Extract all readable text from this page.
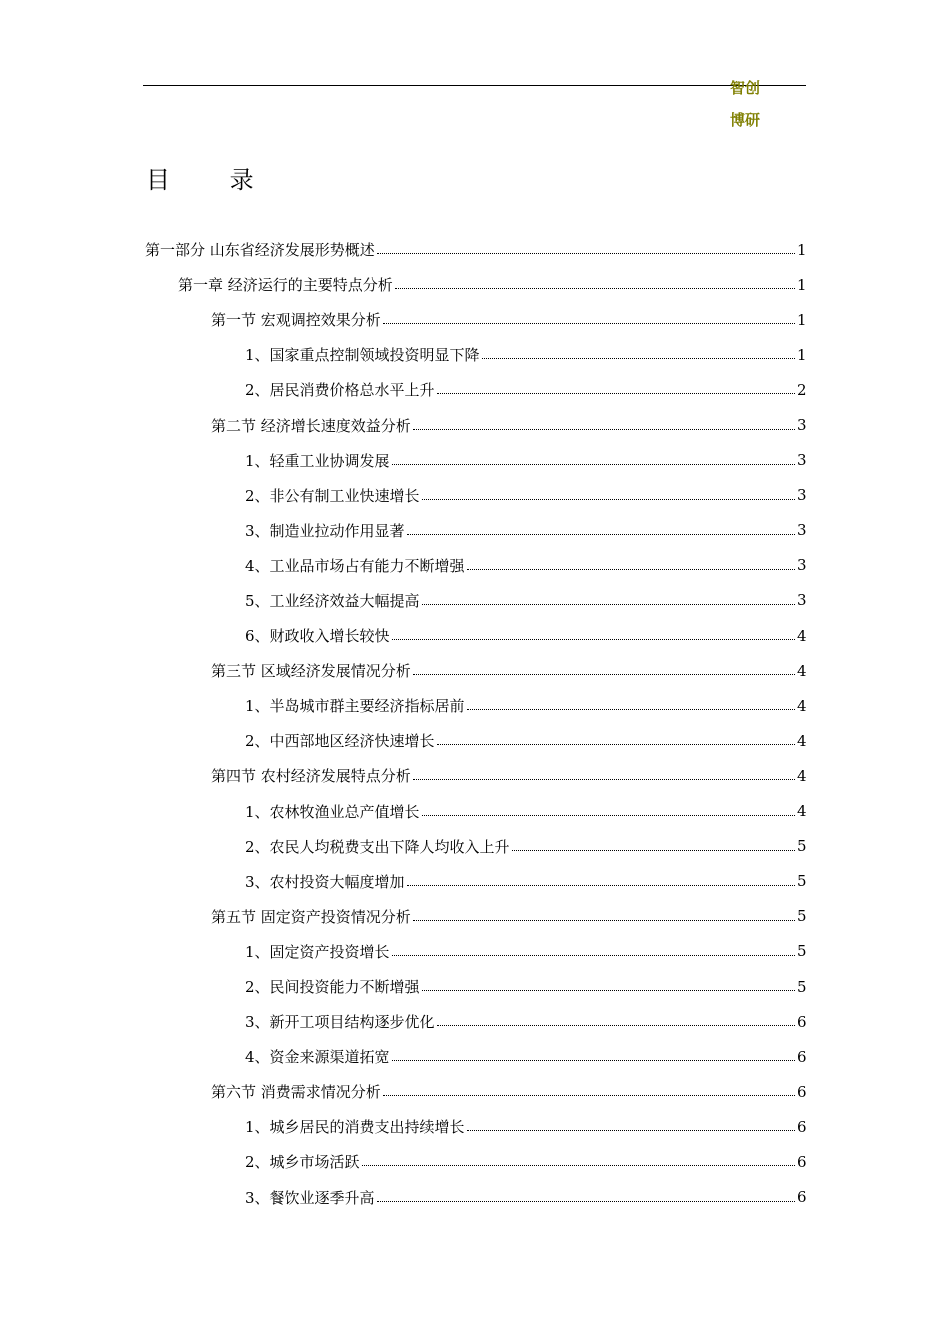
智创
博研
目 录
第一部分 山东省经济发展形势概述	1
第一章 经济运行的主要特点分析	1
第一节 宏观调控效果分析	1
1、国家重点控制领域投资明显下降	1
2、居民消费价格总水平上升	2
第二节 经济增长速度效益分析	3
1、轻重工业协调发展	3
2、非公有制工业快速增长	3
3、制造业拉动作用显著	3
4、工业品市场占有能力不断增强	3
5、工业经济效益大幅提高	3
6、财政收入增长较快	4
第三节 区域经济发展情况分析	4
1、半岛城市群主要经济指标居前	4
2、中西部地区经济快速增长	4
第四节 农村经济发展特点分析	4
1、农林牧渔业总产值增长	4
2、农民人均税费支出下降人均收入上升	5
3、农村投资大幅度增加	5
第五节 固定资产投资情况分析	5
1、固定资产投资增长	5
2、民间投资能力不断增强	5
3、新开工项目结构逐步优化	6
4、资金来源渠道拓宽	6
第六节 消费需求情况分析	6
1、城乡居民的消费支出持续增长	6
2、城乡市场活跃	6
3、餐饮业逐季升高	6
